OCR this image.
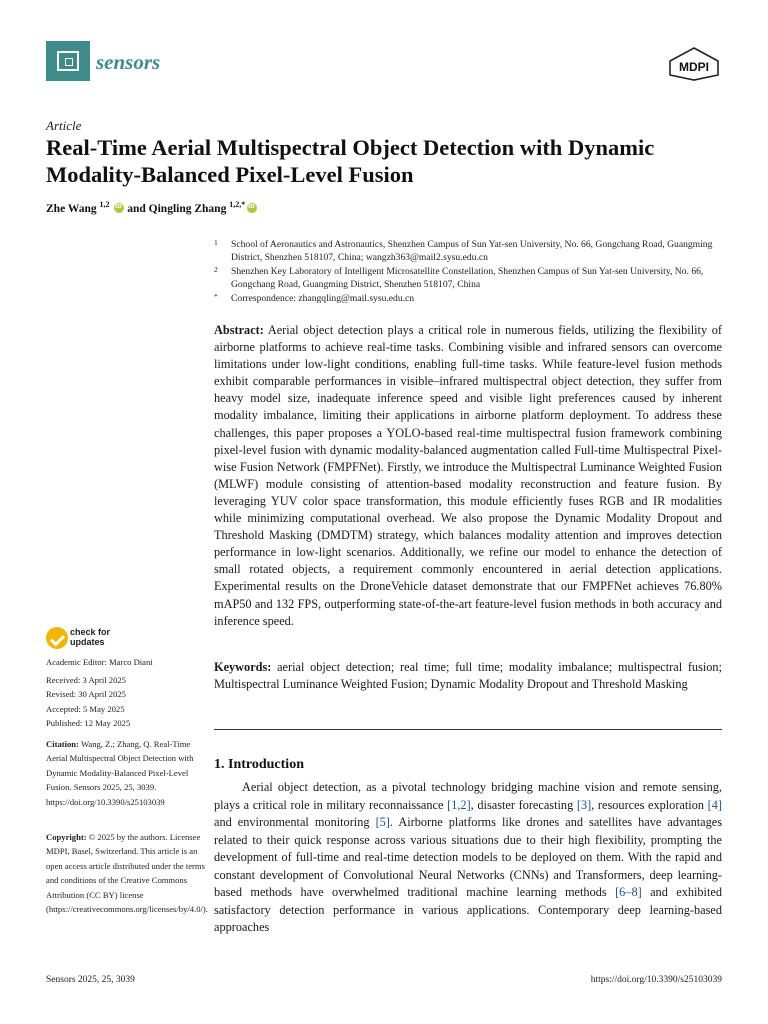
sensors	MDPI
Article
Real-Time Aerial Multispectral Object Detection with Dynamic Modality-Balanced Pixel-Level Fusion
Zhe Wang $^{1,2}$ iD and Qingling Zhang $^{1,2,*}$iD
1 School of Aeronautics and Astronautics, Shenzhen Campus of Sun Yat-sen University, No. 66, Gongchang Road, Guangming District, Shenzhen 518107, China; wangzh363@mail2.sysu.edu.cn
2 Shenzhen Key Laboratory of Intelligent Microsatellite Constellation, Shenzhen Campus of Sun Yat-sen University, No. 66, Gongchang Road, Guangming District, Shenzhen 518107, China
* Correspondence: zhangqling@mail.sysu.edu.cn
Abstract: Aerial object detection plays a critical role in numerous fields, utilizing the flexibility of airborne platforms to achieve real-time tasks. Combining visible and infrared sensors can overcome limitations under low-light conditions, enabling full-time tasks. While feature-level fusion methods exhibit comparable performances in visible–infrared multispectral object detection, they suffer from heavy model size, inadequate inference speed and visible light preferences caused by inherent modality imbalance, limiting their applications in airborne platform deployment. To address these challenges, this paper proposes a YOLO-based real-time multispectral fusion framework combining pixel-level fusion with dynamic modality-balanced augmentation called Full-time Multispectral Pixel-wise Fusion Network (FMPFNet). Firstly, we introduce the Multispectral Luminance Weighted Fusion (MLWF) module consisting of attention-based modality reconstruction and feature fusion. By leveraging YUV color space transformation, this module efficiently fuses RGB and IR modalities while minimizing computational overhead. We also propose the Dynamic Modality Dropout and Threshold Masking (DMDTM) strategy, which balances modality attention and improves detection performance in low-light scenarios. Additionally, we refine our model to enhance the detection of small rotated objects, a requirement commonly encountered in aerial detection applications. Experimental results on the DroneVehicle dataset demonstrate that our FMPFNet achieves 76.80% mAP50 and 132 FPS, outperforming state-of-the-art feature-level fusion methods in both accuracy and inference speed.
Keywords: aerial object detection; real time; full time; modality imbalance; multispectral fusion; Multispectral Luminance Weighted Fusion; Dynamic Modality Dropout and Threshold Masking
1. Introduction
Aerial object detection, as a pivotal technology bridging machine vision and remote sensing, plays a critical role in military reconnaissance [1,2], disaster forecasting [3], resources exploration [4] and environmental monitoring [5]. Airborne platforms like drones and satellites have advantages related to their quick response across various situations due to their high flexibility, prompting the development of full-time and real-time detection models to be deployed on them. With the rapid and constant development of Convolutional Neural Networks (CNNs) and Transformers, deep learning-based methods have overwhelmed traditional machine learning methods [6–8] and exhibited satisfactory detection performance in various applications. Contemporary deep learning-based approaches
check for
updates
Academic Editor: Marco Diani
Received: 3 April 2025
Revised: 30 April 2025
Accepted: 5 May 2025
Published: 12 May 2025
Citation: Wang, Z.; Zhang, Q. Real-Time Aerial Multispectral Object Detection with Dynamic Modality-Balanced Pixel-Level Fusion. Sensors 2025, 25, 3039. https://doi.org/10.3390/s25103039
Copyright: © 2025 by the authors. Licensee MDPI, Basel, Switzerland. This article is an open access article distributed under the terms and conditions of the Creative Commons Attribution (CC BY) license (https://creativecommons.org/licenses/by/4.0/).
Sensors 2025, 25, 3039	https://doi.org/10.3390/s25103039
